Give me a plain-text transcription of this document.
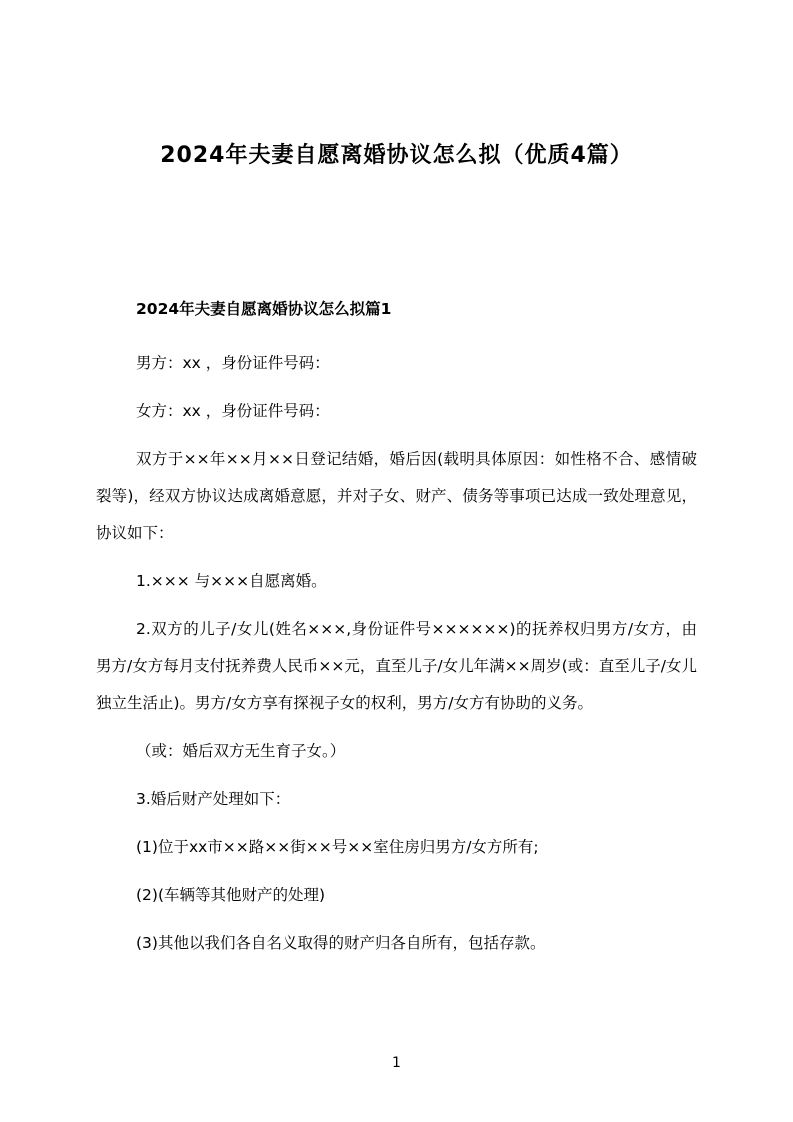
2024年夫妻自愿离婚协议怎么拟（优质4篇）

2024年夫妻自愿离婚协议怎么拟篇1

男方：xx ，身份证件号码：

女方：xx ，身份证件号码：

双方于××年××月××日登记结婚，婚后因(载明具体原因：如性格不合、感情破裂等)，经双方协议达成离婚意愿，并对子女、财产、债务等事项已达成一致处理意见，协议如下：

1.××× 与×××自愿离婚。

2.双方的儿子/女儿(姓名×××,身份证件号××××××)的抚养权归男方/女方，由男方/女方每月支付抚养费人民币××元，直至儿子/女儿年满××周岁(或：直至儿子/女儿独立生活止)。男方/女方享有探视子女的权利，男方/女方有协助的义务。

（或：婚后双方无生育子女。）

3.婚后财产处理如下：

(1)位于xx市××路××街××号××室住房归男方/女方所有;

(2)(车辆等其他财产的处理)

(3)其他以我们各自名义取得的财产归各自所有，包括存款。

1
